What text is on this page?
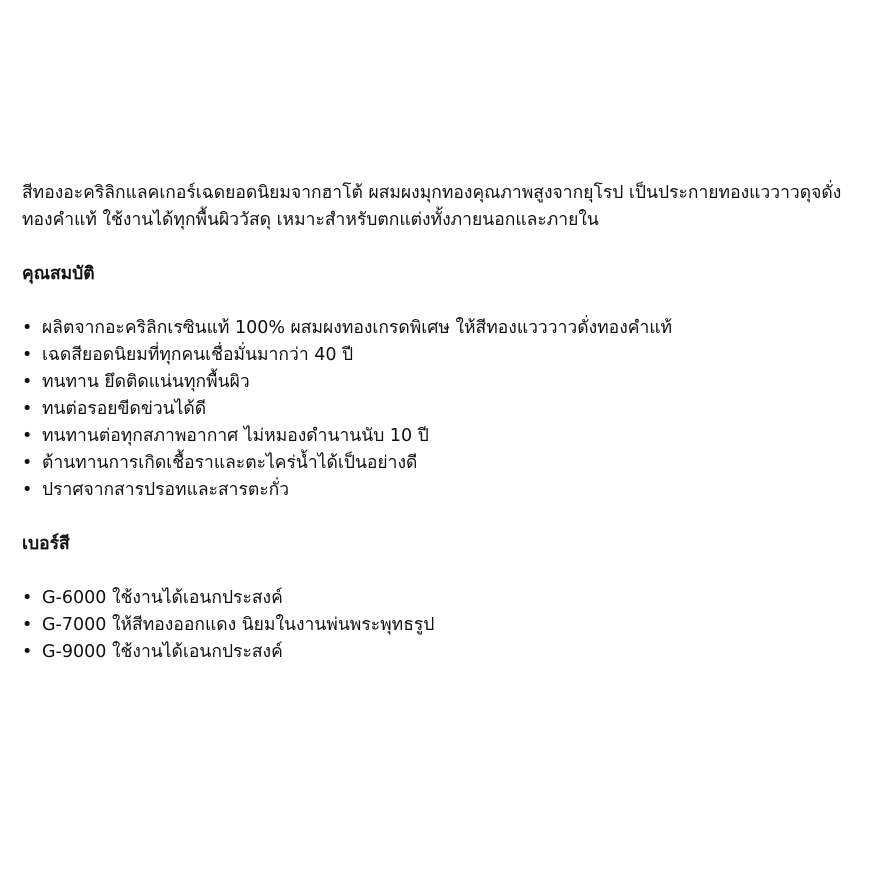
สีทองอะคริลิกแลคเกอร์เฉดยอดนิยมจากฮาโต้ ผสมผงมุกทองคุณภาพสูงจากยุโรป เป็นประกายทองแววาวดุจดั่งทองคำแท้ ใช้งานได้ทุกพื้นผิววัสดุ เหมาะสำหรับตกแต่งทั้งภายนอกและภายใน

คุณสมบัติ
• ผลิตจากอะคริลิกเรซินแท้ 100% ผสมผงทองเกรดพิเศษ ให้สีทองแวววาวดั่งทองคำแท้
• เฉดสียอดนิยมที่ทุกคนเชื่อมั่นมากว่า 40 ปี
• ทนทาน ยึดติดแน่นทุกพื้นผิว
• ทนต่อรอยขีดข่วนได้ดี
• ทนทานต่อทุกสภาพอากาศ ไม่หมองดำนานนับ 10 ปี
• ต้านทานการเกิดเชื้อราและตะไคร่น้ำได้เป็นอย่างดี
• ปราศจากสารปรอทและสารตะกั่ว
เบอร์สี
• G-6000 ใช้งานได้เอนกประสงค์
• G-7000 ให้สีทองออกแดง นิยมในงานพ่นพระพุทธรูป
• G-9000 ใช้งานได้เอนกประสงค์
